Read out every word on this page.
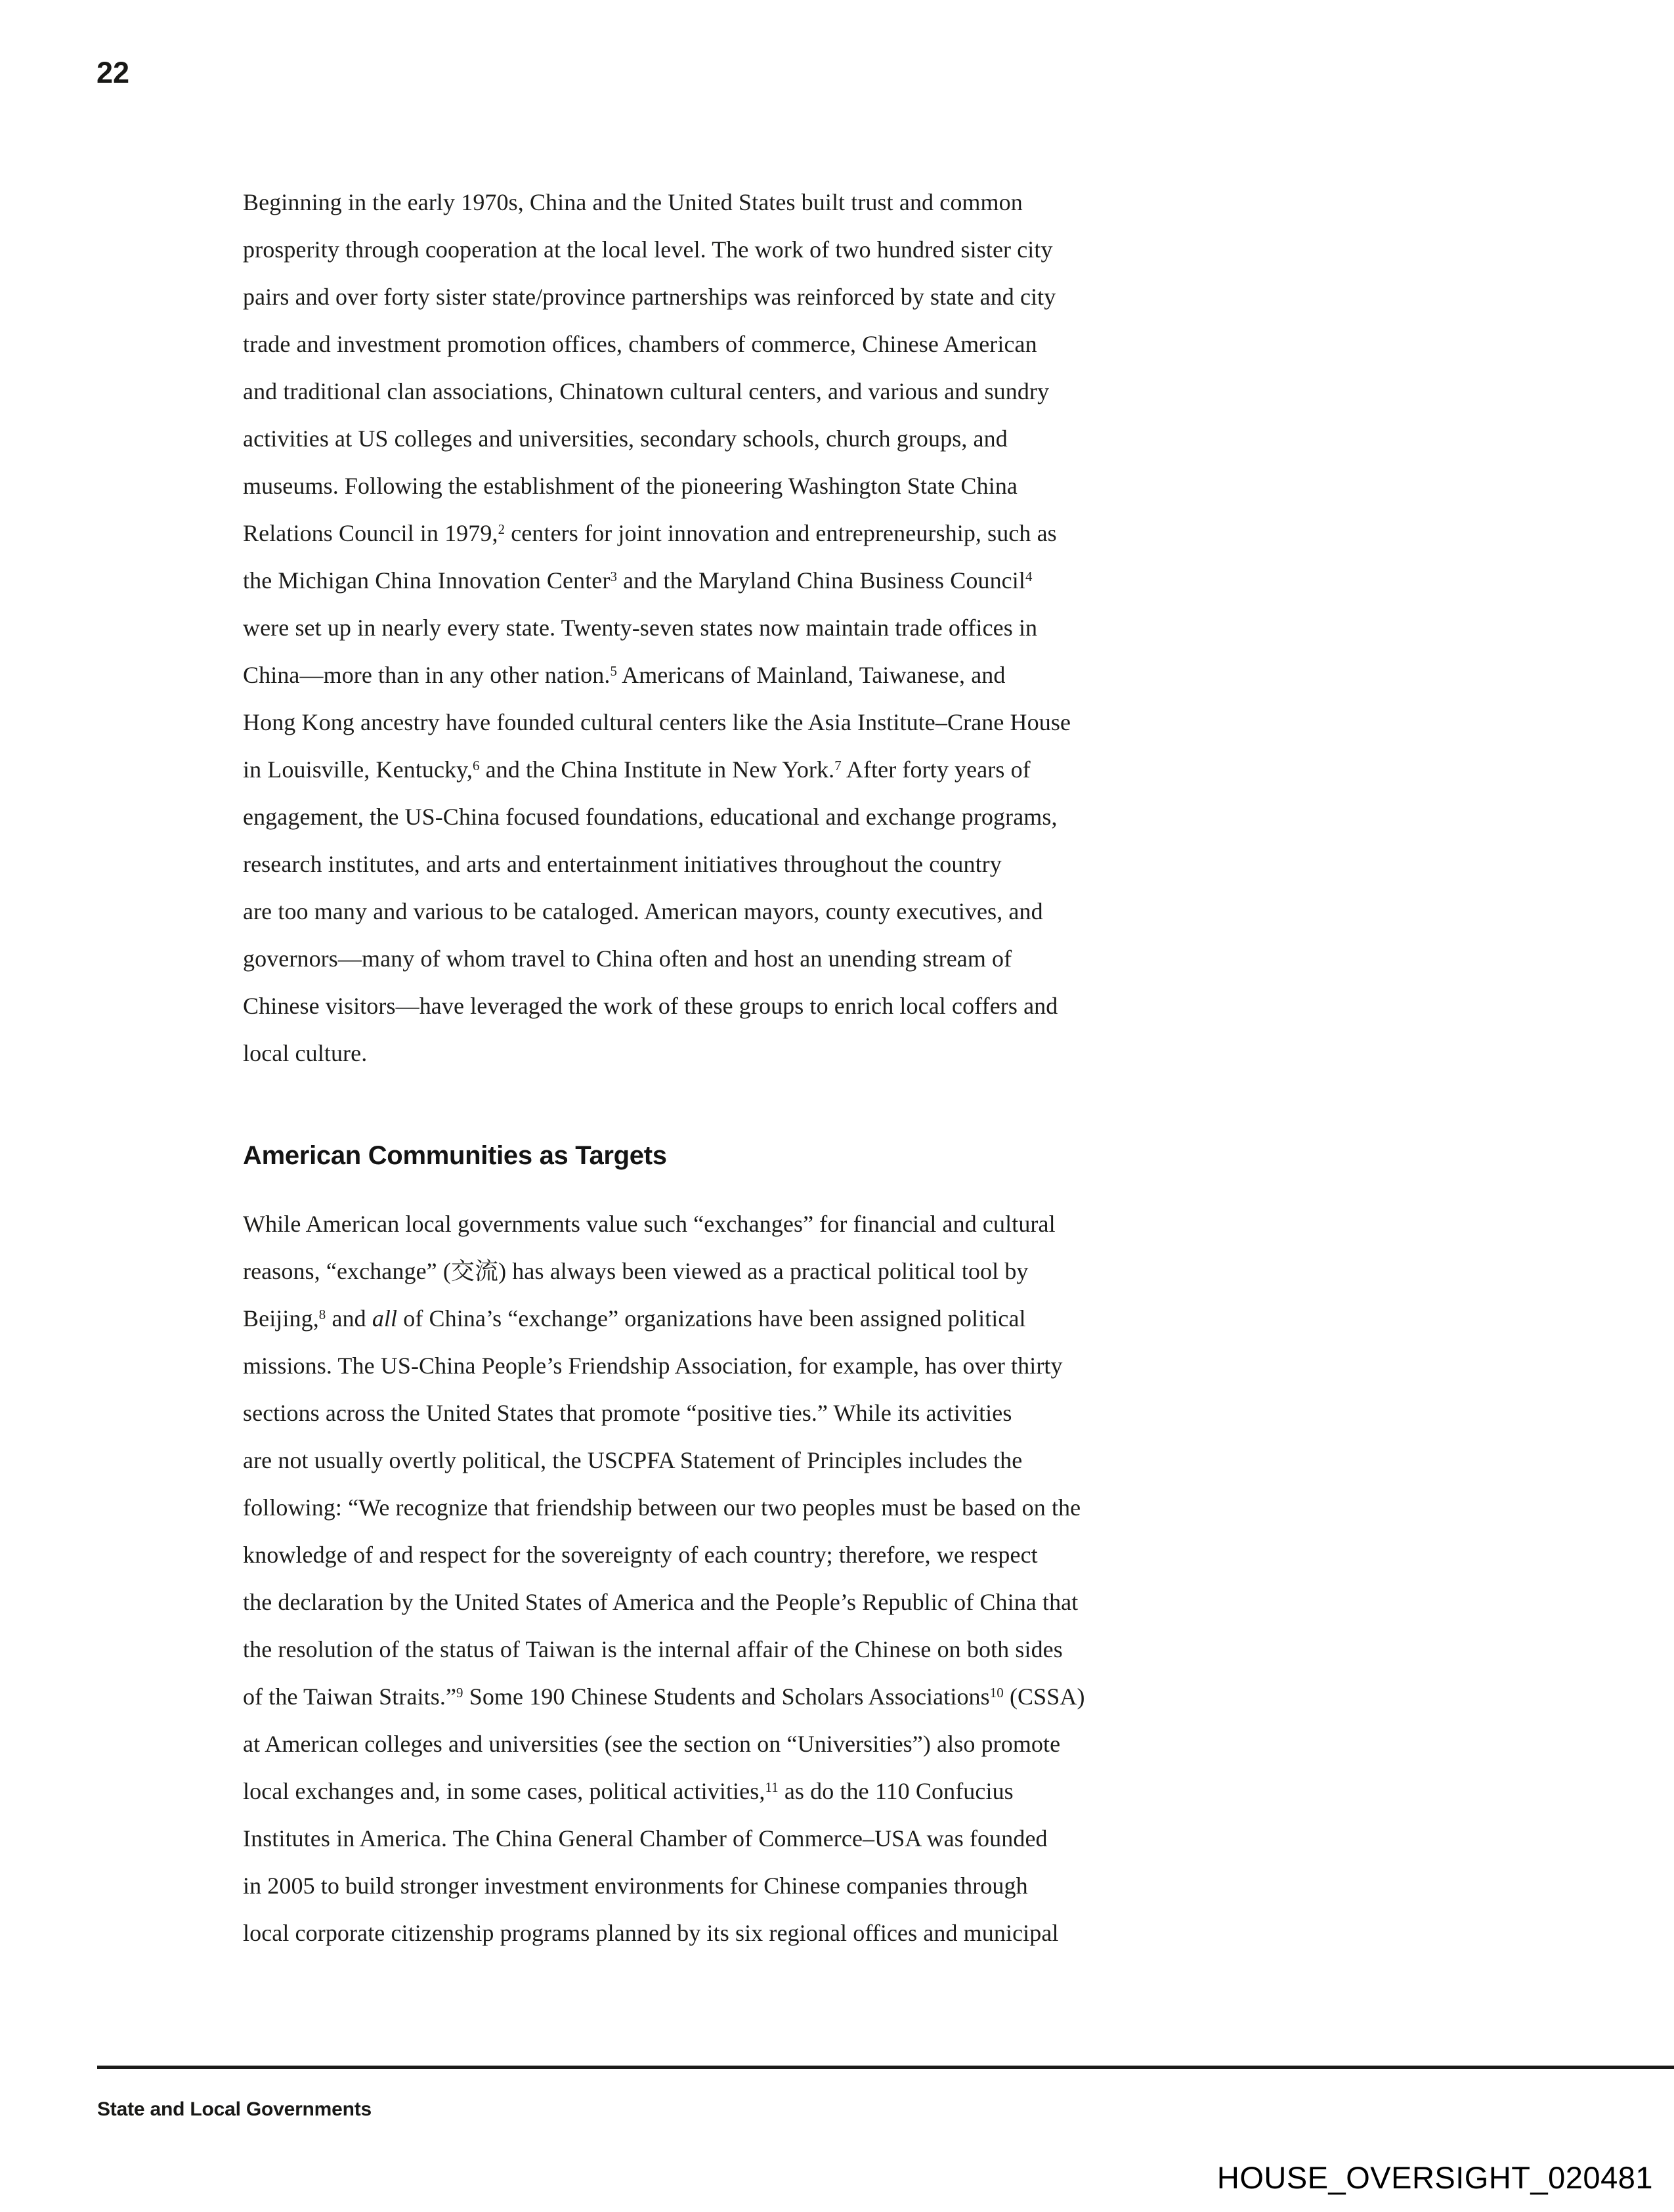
22
Beginning in the early 1970s, China and the United States built trust and common
prosperity through cooperation at the local level. The work of two hundred sister city
pairs and over forty sister state/province partnerships was reinforced by state and city
trade and investment promotion offices, chambers of commerce, Chinese American
and traditional clan associations, Chinatown cultural centers, and various and sundry
activities at US colleges and universities, secondary schools, church groups, and
museums. Following the establishment of the pioneering Washington State China
Relations Council in 1979,$^2$ centers for joint innovation and entrepreneurship, such as
the Michigan China Innovation Center$^3$ and the Maryland China Business Council$^4$
were set up in nearly every state. Twenty-seven states now maintain trade offices in
China—more than in any other nation.$^5$ Americans of Mainland, Taiwanese, and
Hong Kong ancestry have founded cultural centers like the Asia Institute–Crane House
in Louisville, Kentucky,$^6$ and the China Institute in New York.$^7$ After forty years of
engagement, the US-China focused foundations, educational and exchange programs,
research institutes, and arts and entertainment initiatives throughout the country
are too many and various to be cataloged. American mayors, county executives, and
governors—many of whom travel to China often and host an unending stream of
Chinese visitors—have leveraged the work of these groups to enrich local coffers and
local culture.
American Communities as Targets
While American local governments value such “exchanges” for financial and cultural
reasons, “exchange” (交流) has always been viewed as a practical political tool by
Beijing,$^8$ and all of China’s “exchange” organizations have been assigned political
missions. The US-China People’s Friendship Association, for example, has over thirty
sections across the United States that promote “positive ties.” While its activities
are not usually overtly political, the USCPFA Statement of Principles includes the
following: “We recognize that friendship between our two peoples must be based on the
knowledge of and respect for the sovereignty of each country; therefore, we respect
the declaration by the United States of America and the People’s Republic of China that
the resolution of the status of Taiwan is the internal affair of the Chinese on both sides
of the Taiwan Straits.”$^9$ Some 190 Chinese Students and Scholars Associations$^{10}$ (CSSA)
at American colleges and universities (see the section on “Universities”) also promote
local exchanges and, in some cases, political activities,$^{11}$ as do the 110 Confucius
Institutes in America. The China General Chamber of Commerce–USA was founded
in 2005 to build stronger investment environments for Chinese companies through
local corporate citizenship programs planned by its six regional offices and municipal
State and Local Governments
HOUSE_OVERSIGHT_020481
